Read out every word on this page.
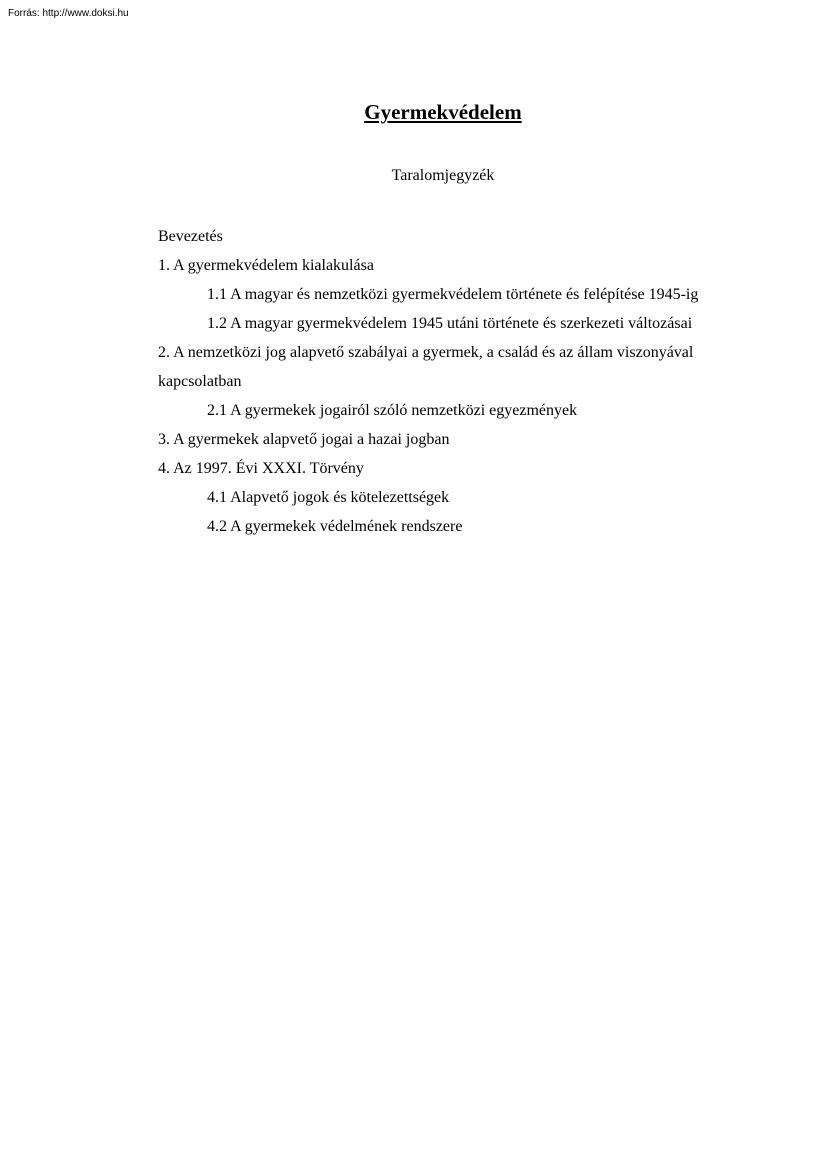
Forrás: http://www.doksi.hu
Gyermekvédelem

Taralomjegyzék

Bevezetés
1. A gyermekvédelem kialakulása
1.1 A magyar és nemzetközi gyermekvédelem története és felépítése 1945-ig
1.2 A magyar gyermekvédelem 1945 utáni története és szerkezeti változásai
2. A nemzetközi jog alapvető szabályai a gyermek, a család és az állam viszonyával
kapcsolatban
2.1 A gyermekek jogairól szóló nemzetközi egyezmények
3. A gyermekek alapvető jogai a hazai jogban
4. Az 1997. Évi XXXI. Törvény
4.1 Alapvető jogok és kötelezettségek
4.2 A gyermekek védelmének rendszere
